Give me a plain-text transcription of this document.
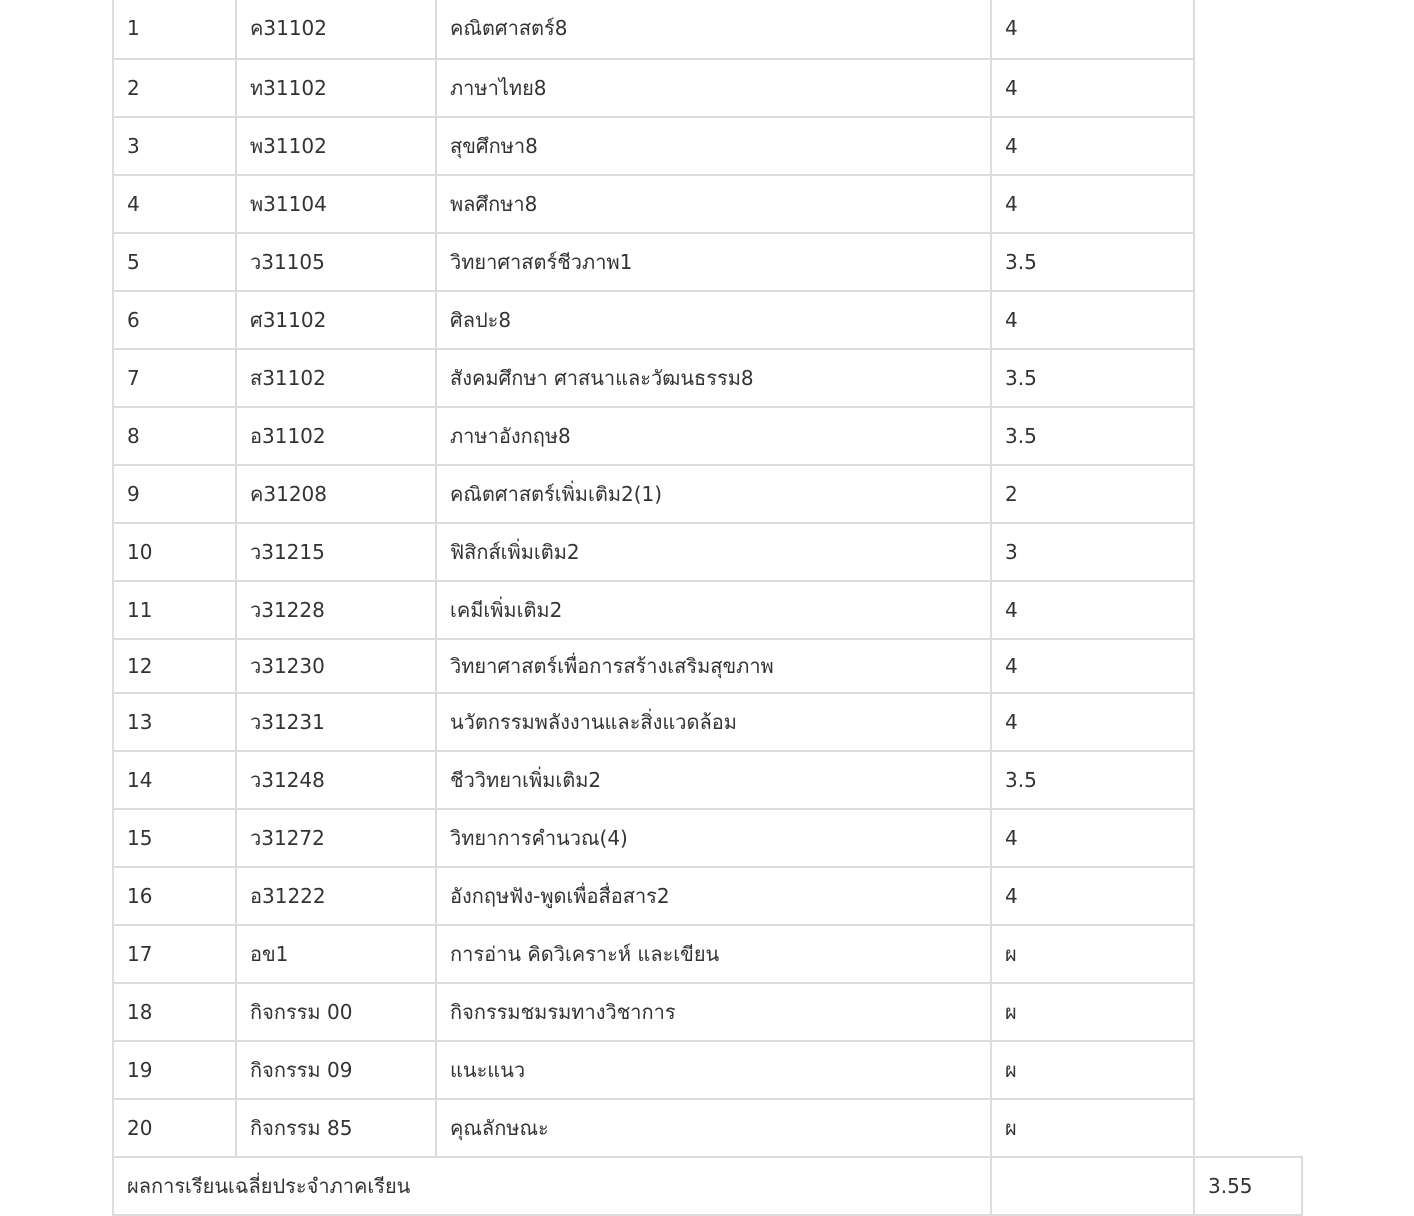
1	ค31102	คณิตศาสตร์8	4	
2	ท31102	ภาษาไทย8	4	
3	พ31102	สุขศึกษา8	4	
4	พ31104	พลศึกษา8	4	
5	ว31105	วิทยาศาสตร์ชีวภาพ1	3.5	
6	ศ31102	ศิลปะ8	4	
7	ส31102	สังคมศึกษา ศาสนาและวัฒนธรรม8	3.5	
8	อ31102	ภาษาอังกฤษ8	3.5	
9	ค31208	คณิตศาสตร์เพิ่มเติม2(1)	2	
10	ว31215	ฟิสิกส์เพิ่มเติม2	3	
11	ว31228	เคมีเพิ่มเติม2	4	
12	ว31230	วิทยาศาสตร์เพื่อการสร้างเสริมสุขภาพ	4	
13	ว31231	นวัตกรรมพลังงานและสิ่งแวดล้อม	4	
14	ว31248	ชีววิทยาเพิ่มเติม2	3.5	
15	ว31272	วิทยาการคำนวณ(4)	4	
16	อ31222	อังกฤษฟัง-พูดเพื่อสื่อสาร2	4	
17	อข1	การอ่าน คิดวิเคราะห์ และเขียน	ผ	
18	กิจกรรม 00	กิจกรรมชมรมทางวิชาการ	ผ	
19	กิจกรรม 09	แนะแนว	ผ	
20	กิจกรรม 85	คุณลักษณะ	ผ	
ผลการเรียนเฉลี่ยประจำภาคเรียน				3.55
